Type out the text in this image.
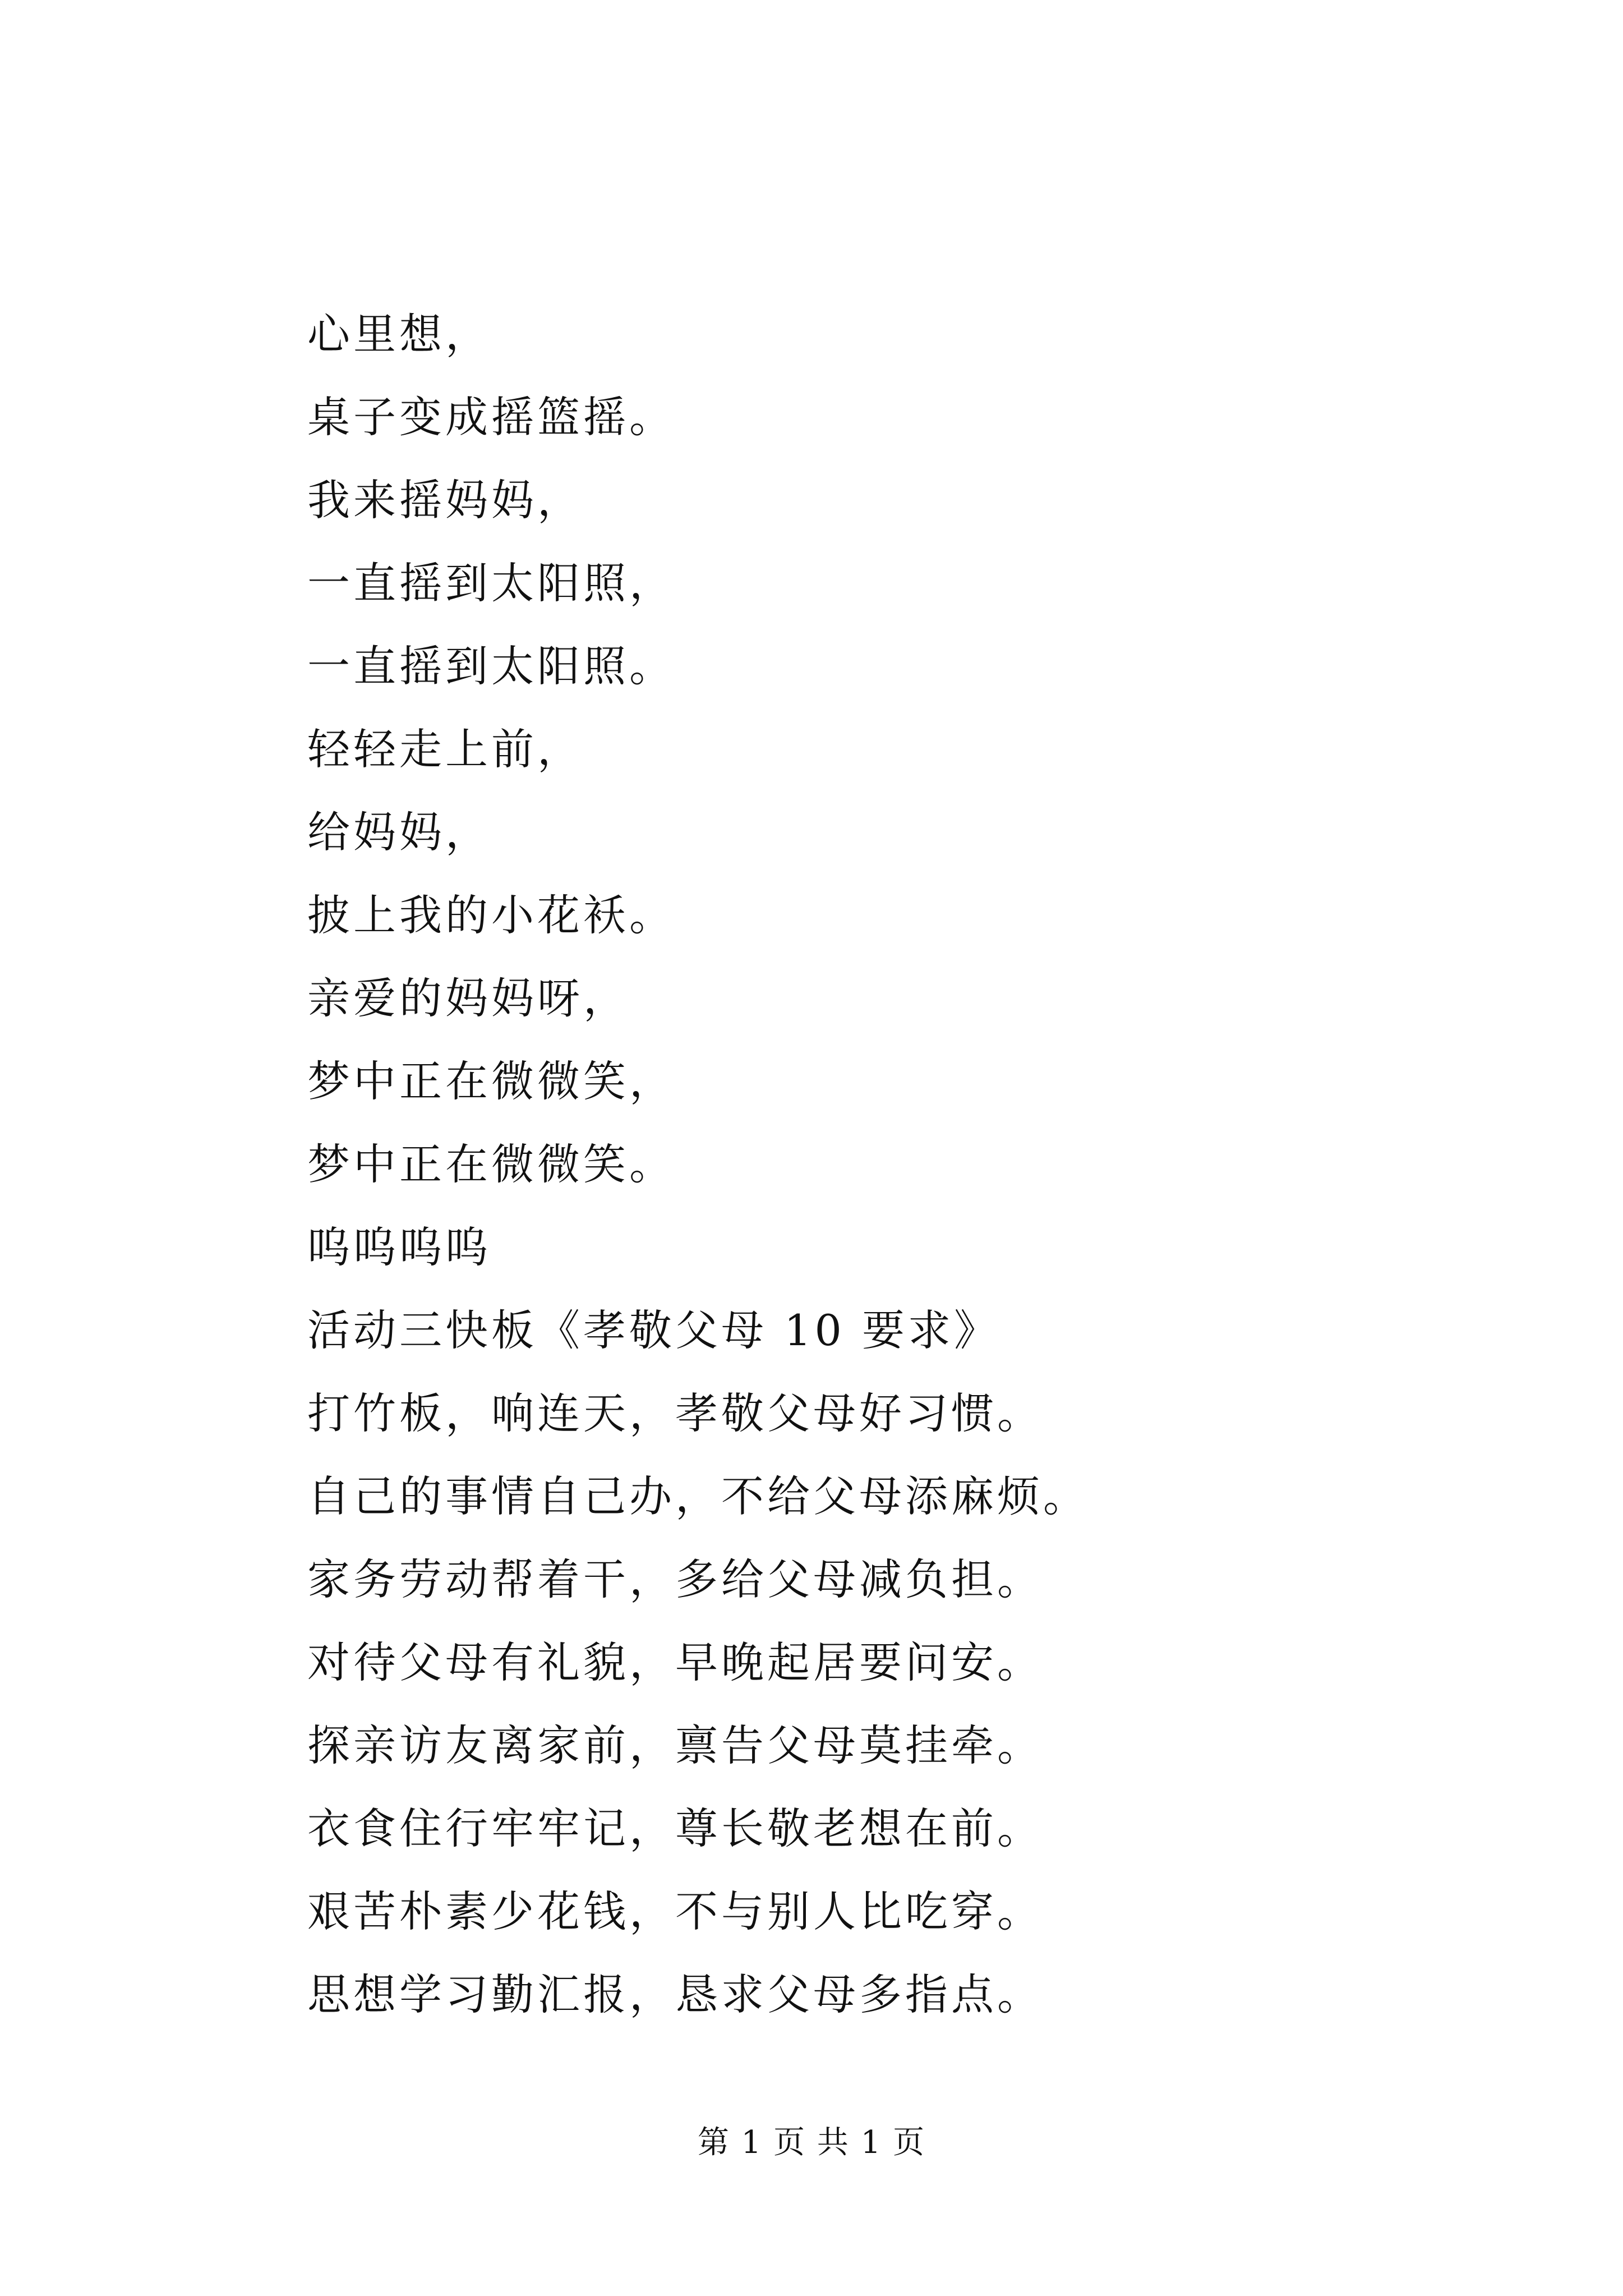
心里想，
桌子变成摇篮摇。
我来摇妈妈，
一直摇到太阳照，
一直摇到太阳照。
轻轻走上前，
给妈妈，
披上我的小花袄。
亲爱的妈妈呀，
梦中正在微微笑，
梦中正在微微笑。
呜呜呜呜
活动三快板《孝敬父母 10 要求》
打竹板，响连天，孝敬父母好习惯。
自己的事情自己办，不给父母添麻烦。
家务劳动帮着干，多给父母减负担。
对待父母有礼貌，早晚起居要问安。
探亲访友离家前，禀告父母莫挂牵。
衣食住行牢牢记，尊长敬老想在前。
艰苦朴素少花钱，不与别人比吃穿。
思想学习勤汇报，恳求父母多指点。
第 1 页 共 1 页
